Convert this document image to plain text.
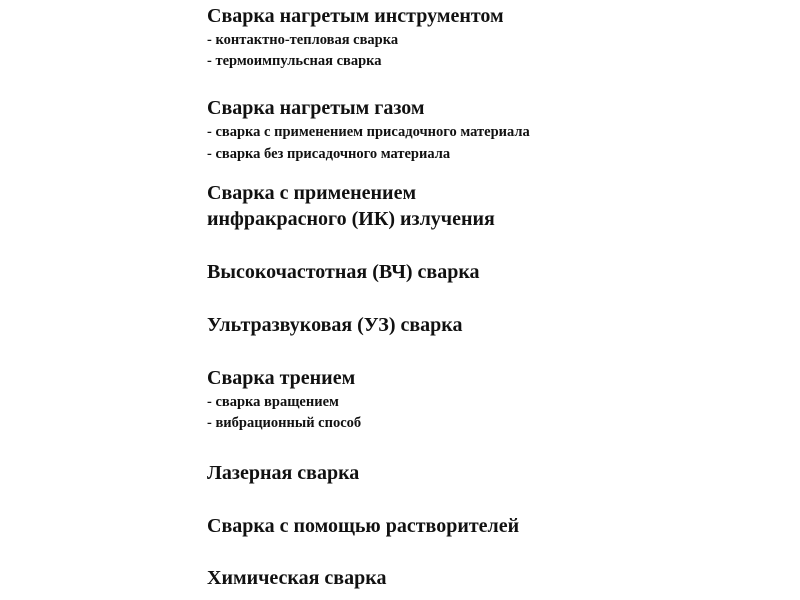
Сварка нагретым инструментом
- контактно-тепловая сварка
- термоимпульсная сварка
Сварка нагретым газом
- сварка с применением присадочного материала
- сварка без присадочного материала
Сварка с применением
инфракрасного (ИК) излучения
Высокочастотная (ВЧ) сварка
Ультразвуковая (УЗ) сварка
Сварка трением
- сварка вращением
- вибрационный способ
Лазерная сварка
Сварка с помощью растворителей
Химическая сварка
